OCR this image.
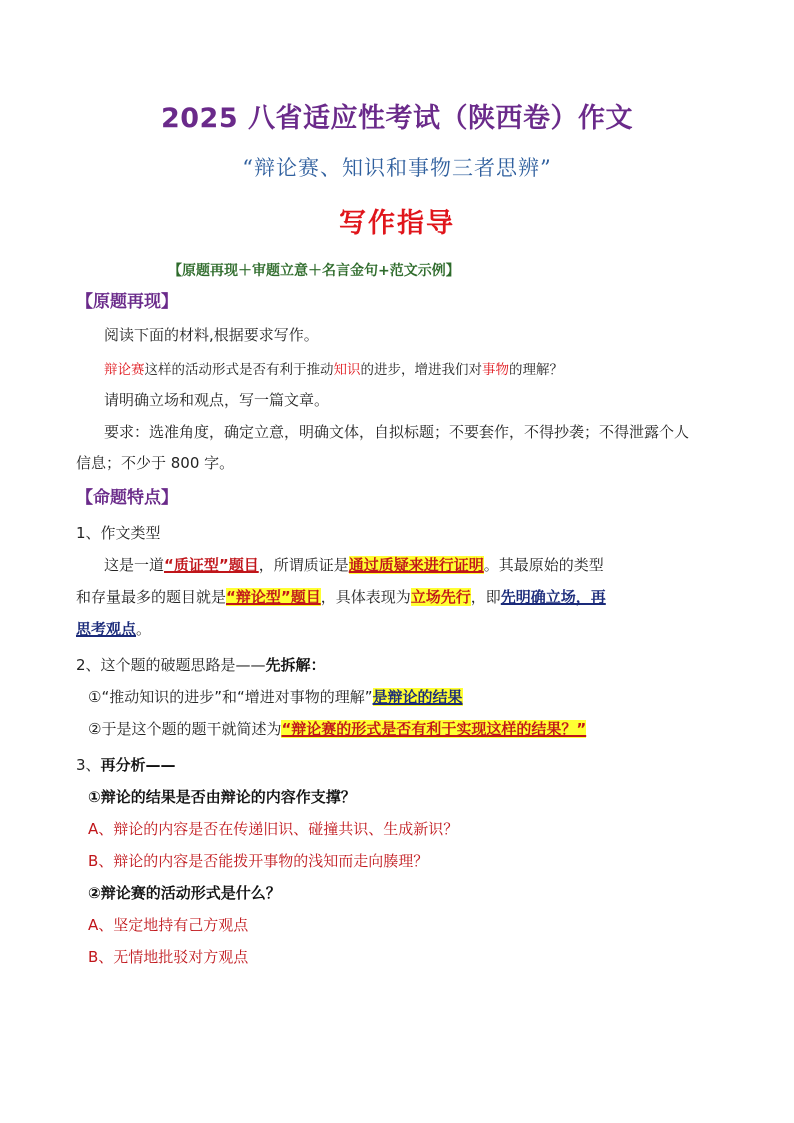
2025 八省适应性考试（陕西卷）作文
“辩论赛、知识和事物三者思辨”
写作指导
【原题再现＋审题立意＋名言金句+范文示例】
【原题再现】
阅读下面的材料,根据要求写作。
辩论赛这样的活动形式是否有利于推动知识的进步，增进我们对事物的理解？
请明确立场和观点，写一篇文章。
要求：选准角度，确定立意，明确文体，自拟标题；不要套作，不得抄袭；不得泄露个人
信息；不少于 800 字。
【命题特点】
1、作文类型
这是一道“质证型”题目，所谓质证是通过质疑来进行证明。其最原始的类型
和存量最多的题目就是“辩论型”题目，具体表现为立场先行，即先明确立场，再
思考观点。
2、这个题的破题思路是——先拆解：
①“推动知识的进步”和“增进对事物的理解”是辩论的结果
②于是这个题的题干就简述为“辩论赛的形式是否有利于实现这样的结果？”
3、再分析——
①辩论的结果是否由辩论的内容作支撑？
A、辩论的内容是否在传递旧识、碰撞共识、生成新识？
B、辩论的内容是否能拨开事物的浅知而走向腠理？
②辩论赛的活动形式是什么？
A、坚定地持有己方观点
B、无情地批驳对方观点
